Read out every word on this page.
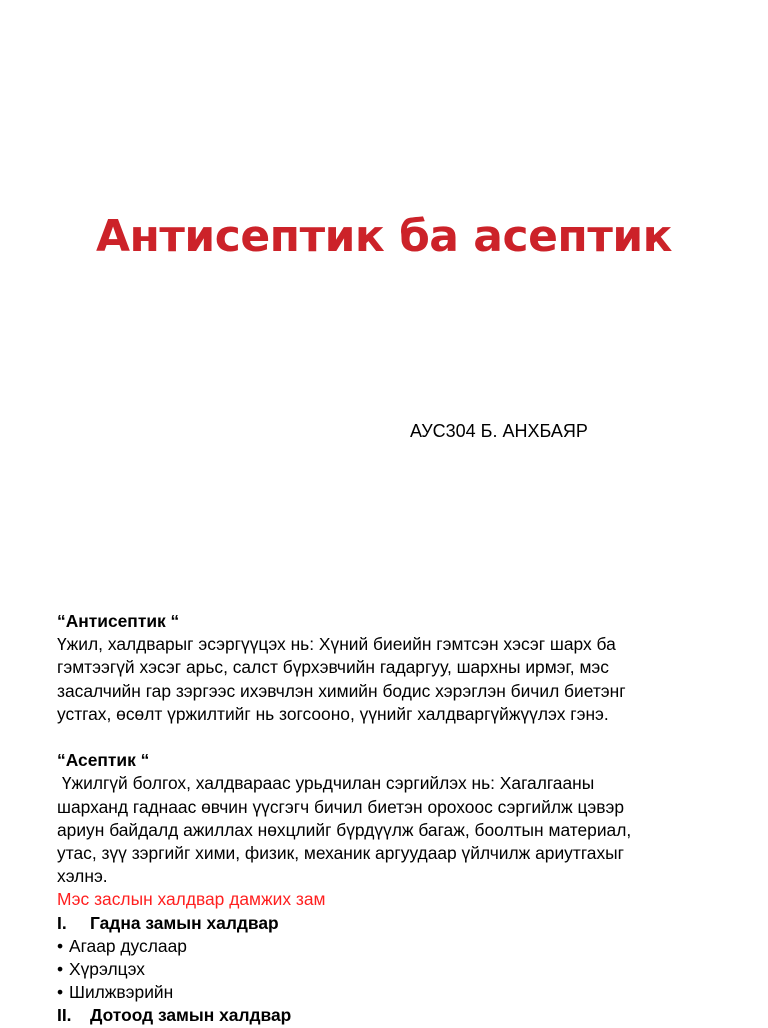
Антисептик ба асептик
АУС304 Б. АНХБАЯР

“Антисептик “

Үжил, халдварыг эсэргүүцэх нь: Хүний биеийн гэмтсэн хэсэг шарх ба

гэмтээгүй хэсэг арьс, салст бүрхэвчийн гадаргуу, шархны ирмэг, мэс

засалчийн гар зэргээс ихэвчлэн химийн бодис хэрэглэн бичил биетэнг

устгах, өсөлт үржилтийг нь зогсооно, үүнийг халдваргүйжүүлэх гэнэ.

“Асептик “

Үжилгүй болгох, халдвараас урьдчилан сэргийлэх нь: Хагалгааны

шарханд гаднаас өвчин үүсгэгч бичил биетэн орохоос сэргийлж цэвэр

ариун байдалд ажиллах нөхцлийг бүрдүүлж багаж, боолтын материал,

утас, зүү зэргийг хими, физик, механик аргуудаар үйлчилж ариутгахыг

хэлнэ.

Мэс заслын халдвар дамжих зам

I.	Гадна замын халдвар

• Агаар дуслаар

• Хүрэлцэх

• Шилжвэрийн

II.	Дотоод замын халдвар
